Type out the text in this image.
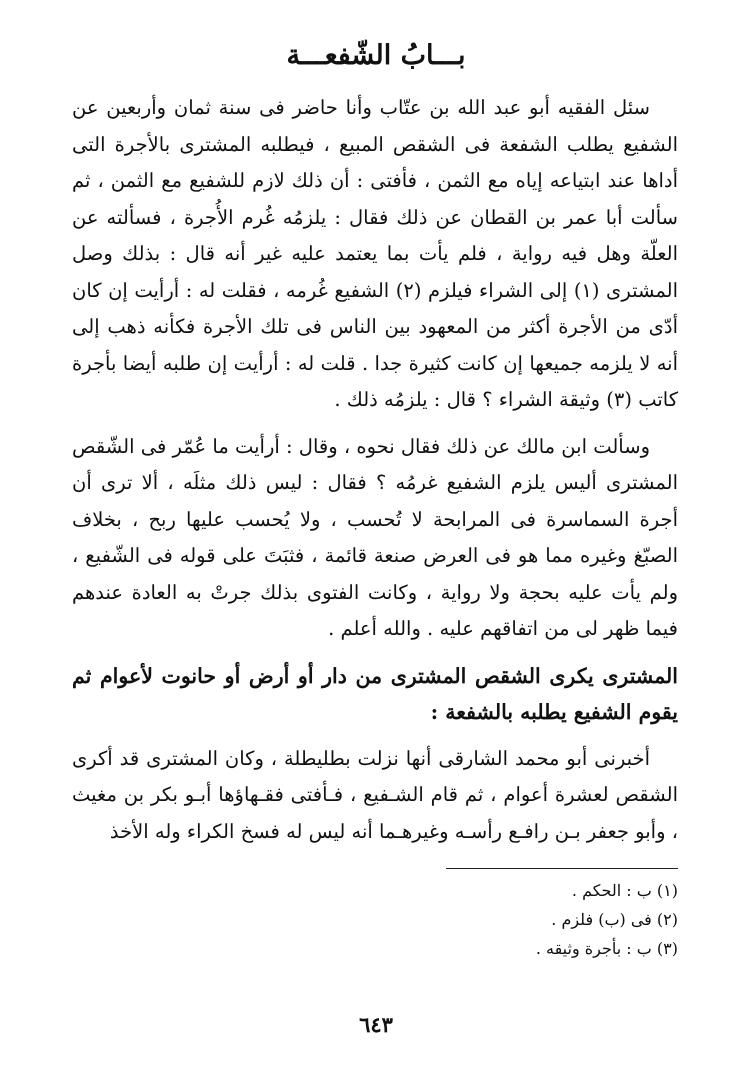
بـــابُ الشّفعـــة

سئل الفقيه أبو عبد الله بن عتّاب وأنا حاضر فى سنة ثمان وأربعين عن الشفيع يطلب الشفعة فى الشقص المبيع ، فيطلبه المشترى بالأجرة التى أداها عند ابتياعه إياه مع الثمن ، فأفتى : أن ذلك لازم للشفيع مع الثمن ، ثم سألت أبا عمر بن القطان عن ذلك فقال : يلزمُه غُرم الأُجرة ، فسألته عن العلّة وهل فيه رواية ، فلم يأت بما يعتمد عليه غير أنه قال : بذلك وصل المشترى (١) إلى الشراء فيلزم (٢) الشفيع غُرمه ، فقلت له : أرأيت إن كان أدّى من الأجرة أكثر من المعهود بين الناس فى تلك الأجرة فكأنه ذهب إلى أنه لا يلزمه جميعها إن كانت كثيرة جدا . قلت له : أرأيت إن طلبه أيضا بأجرة كاتب (٣) وثيقة الشراء ؟ قال : يلزمُه ذلك .

وسألت ابن مالك عن ذلك فقال نحوه ، وقال : أرأيت ما عُمّر فى الشّقص المشترى أليس يلزم الشفيع غرمُه ؟ فقال : ليس ذلك مثلَه ، ألا ترى أن أجرة السماسرة فى المرابحة لا تُحسب ، ولا يُحسب عليها ربح ، بخلاف الصبّغ وغيره مما هو فى العرض صنعة قائمة ، فثبَتَ على قوله فى الشّفيع ، ولم يأت عليه بحجة ولا رواية ، وكانت الفتوى بذلك جرتْ به العادة عندهم فيما ظهر لى من اتفاقهم عليه . والله أعلم .

المشترى يكرى الشقص المشترى من دار أو أرض أو حانوت لأعوام ثم يقوم الشفيع يطلبه بالشفعة :

أخبرنى أبو محمد الشارقى أنها نزلت بطليطلة ، وكان المشترى قد أكرى الشقص لعشرة أعوام ، ثم قام الشـفيع ، فـأفتى فقـهاؤها أبـو بكر بن مغيث ، وأبو جعفر بـن رافـع رأسـه وغيرهـما أنه ليس له فسخ الكراء وله الأخذ

(١) ب : الحكم .
(٢) فى (ب) فلزم .
(٣) ب : بأجرة وثيقه .
٦٤٣
